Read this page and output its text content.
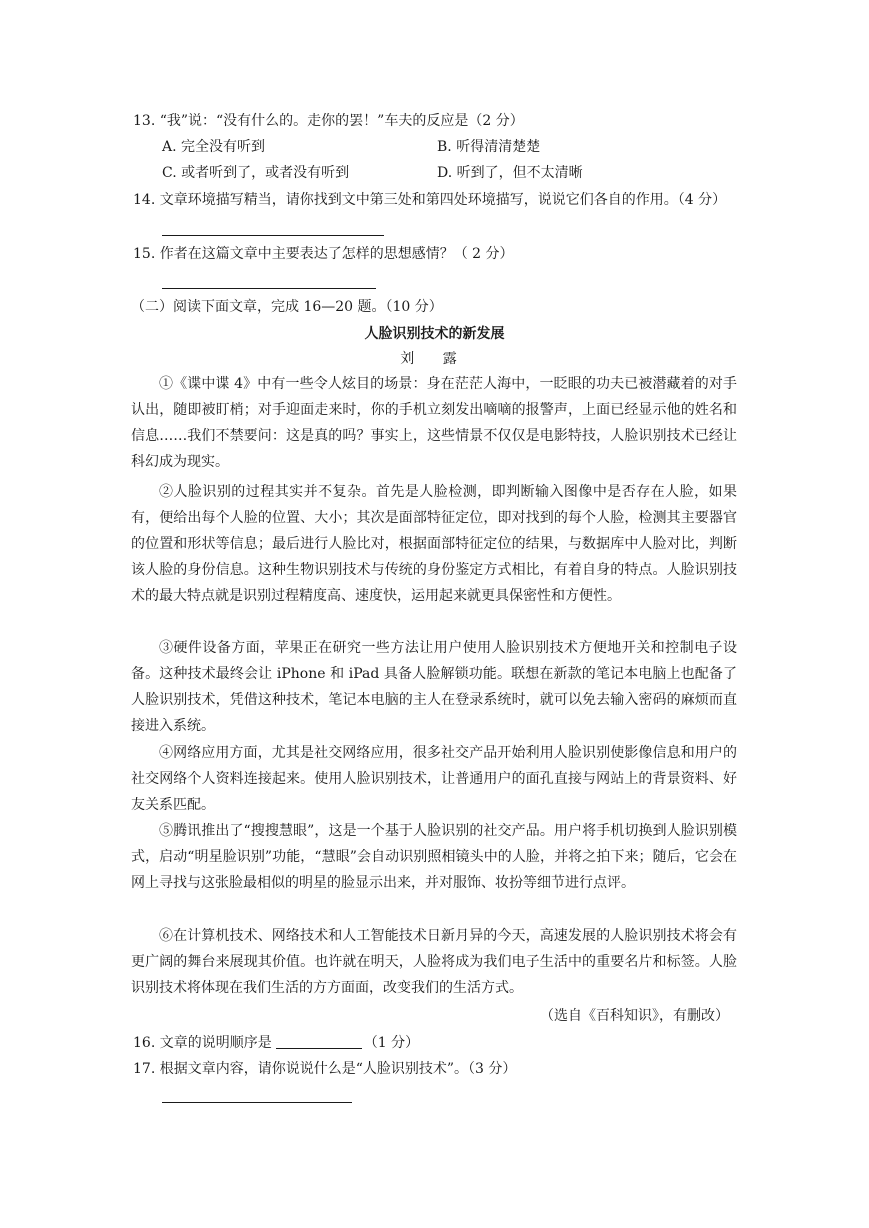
13. “我”说：“没有什么的。走你的罢！”车夫的反应是（2 分）
A. 完全没有听到	B. 听得清清楚楚
C. 或者听到了，或者没有听到	D. 听到了，但不太清晰
14. 文章环境描写精当，请你找到文中第三处和第四处环境描写，说说它们各自的作用。（4 分）
15. 作者在这篇文章中主要表达了怎样的思想感情？（ 2 分）
（二）阅读下面文章，完成 16—20 题。（10 分）
人脸识别技术的新发展
刘 露
①《谍中谍 4》中有一些令人炫目的场景：身在茫茫人海中，一眨眼的功夫已被潜藏着的对手认出，随即被盯梢；对手迎面走来时，你的手机立刻发出嘀嘀的报警声，上面已经显示他的姓名和信息……我们不禁要问：这是真的吗？事实上，这些情景不仅仅是电影特技，人脸识别技术已经让科幻成为现实。
②人脸识别的过程其实并不复杂。首先是人脸检测，即判断输入图像中是否存在人脸，如果有，便给出每个人脸的位置、大小；其次是面部特征定位，即对找到的每个人脸，检测其主要器官的位置和形状等信息；最后进行人脸比对，根据面部特征定位的结果，与数据库中人脸对比，判断该人脸的身份信息。这种生物识别技术与传统的身份鉴定方式相比，有着自身的特点。人脸识别技术的最大特点就是识别过程精度高、速度快，运用起来就更具保密性和方便性。
③硬件设备方面，苹果正在研究一些方法让用户使用人脸识别技术方便地开关和控制电子设备。这种技术最终会让 iPhone 和 iPad 具备人脸解锁功能。联想在新款的笔记本电脑上也配备了人脸识别技术，凭借这种技术，笔记本电脑的主人在登录系统时，就可以免去输入密码的麻烦而直接进入系统。
④网络应用方面，尤其是社交网络应用，很多社交产品开始利用人脸识别使影像信息和用户的社交网络个人资料连接起来。使用人脸识别技术，让普通用户的面孔直接与网站上的背景资料、好友关系匹配。
⑤腾讯推出了“搜搜慧眼”，这是一个基于人脸识别的社交产品。用户将手机切换到人脸识别模式，启动“明星脸识别”功能，“慧眼”会自动识别照相镜头中的人脸，并将之拍下来；随后，它会在网上寻找与这张脸最相似的明星的脸显示出来，并对服饰、妆扮等细节进行点评。
⑥在计算机技术、网络技术和人工智能技术日新月异的今天，高速发展的人脸识别技术将会有更广阔的舞台来展现其价值。也许就在明天，人脸将成为我们电子生活中的重要名片和标签。人脸识别技术将体现在我们生活的方方面面，改变我们的生活方式。
（选自《百科知识》，有删改）
16. 文章的说明顺序是	（1 分）
17. 根据文章内容，请你说说什么是“人脸识别技术”。（3 分）
